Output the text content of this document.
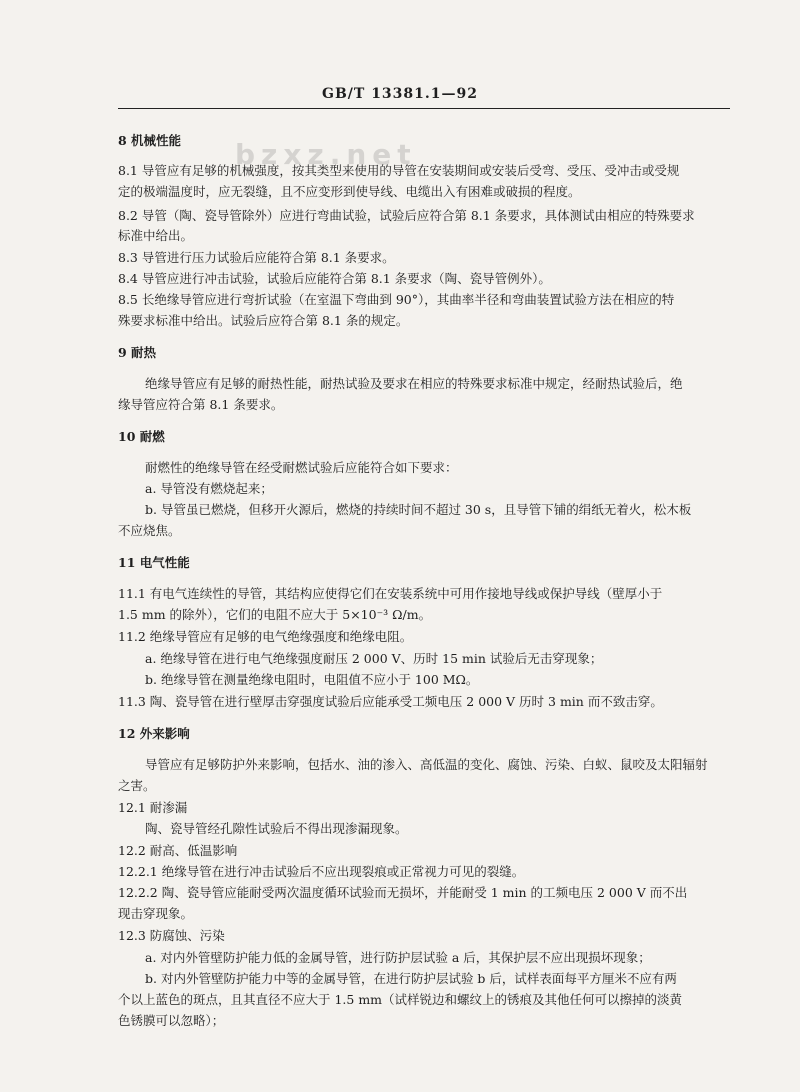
bzxz.net
GB/T 13381.1—92
8 机械性能
8.1 导管应有足够的机械强度，按其类型来使用的导管在安装期间或安装后受弯、受压、受冲击或受规
定的极端温度时，应无裂缝，且不应变形到使导线、电缆出入有困难或破损的程度。
8.2 导管（陶、瓷导管除外）应进行弯曲试验，试验后应符合第 8.1 条要求，具体测试由相应的特殊要求
标准中给出。
8.3 导管进行压力试验后应能符合第 8.1 条要求。
8.4 导管应进行冲击试验，试验后应能符合第 8.1 条要求（陶、瓷导管例外）。
8.5 长绝缘导管应进行弯折试验（在室温下弯曲到 90°），其曲率半径和弯曲装置试验方法在相应的特
殊要求标准中给出。试验后应符合第 8.1 条的规定。
9 耐热
绝缘导管应有足够的耐热性能，耐热试验及要求在相应的特殊要求标准中规定，经耐热试验后，绝
缘导管应符合第 8.1 条要求。
10 耐燃
耐燃性的绝缘导管在经受耐燃试验后应能符合如下要求：
a. 导管没有燃烧起来；
b. 导管虽已燃烧，但移开火源后，燃烧的持续时间不超过 30 s，且导管下铺的绢纸无着火，松木板
不应烧焦。
11 电气性能
11.1 有电气连续性的导管，其结构应使得它们在安装系统中可用作接地导线或保护导线（壁厚小于
1.5 mm 的除外），它们的电阻不应大于 5×10⁻³ Ω/m。
11.2 绝缘导管应有足够的电气绝缘强度和绝缘电阻。
a. 绝缘导管在进行电气绝缘强度耐压 2 000 V、历时 15 min 试验后无击穿现象；
b. 绝缘导管在测量绝缘电阻时，电阻值不应小于 100 MΩ。
11.3 陶、瓷导管在进行壁厚击穿强度试验后应能承受工频电压 2 000 V 历时 3 min 而不致击穿。
12 外来影响
导管应有足够防护外来影响，包括水、油的渗入、高低温的变化、腐蚀、污染、白蚁、鼠咬及太阳辐射
之害。
12.1 耐渗漏
陶、瓷导管经孔隙性试验后不得出现渗漏现象。
12.2 耐高、低温影响
12.2.1 绝缘导管在进行冲击试验后不应出现裂痕或正常视力可见的裂缝。
12.2.2 陶、瓷导管应能耐受两次温度循环试验而无损坏，并能耐受 1 min 的工频电压 2 000 V 而不出
现击穿现象。
12.3 防腐蚀、污染
a. 对内外管壁防护能力低的金属导管，进行防护层试验 a 后，其保护层不应出现损坏现象；
b. 对内外管壁防护能力中等的金属导管，在进行防护层试验 b 后，试样表面每平方厘米不应有两
个以上蓝色的斑点，且其直径不应大于 1.5 mm（试样锐边和螺纹上的锈痕及其他任何可以擦掉的淡黄
色锈膜可以忽略）；
